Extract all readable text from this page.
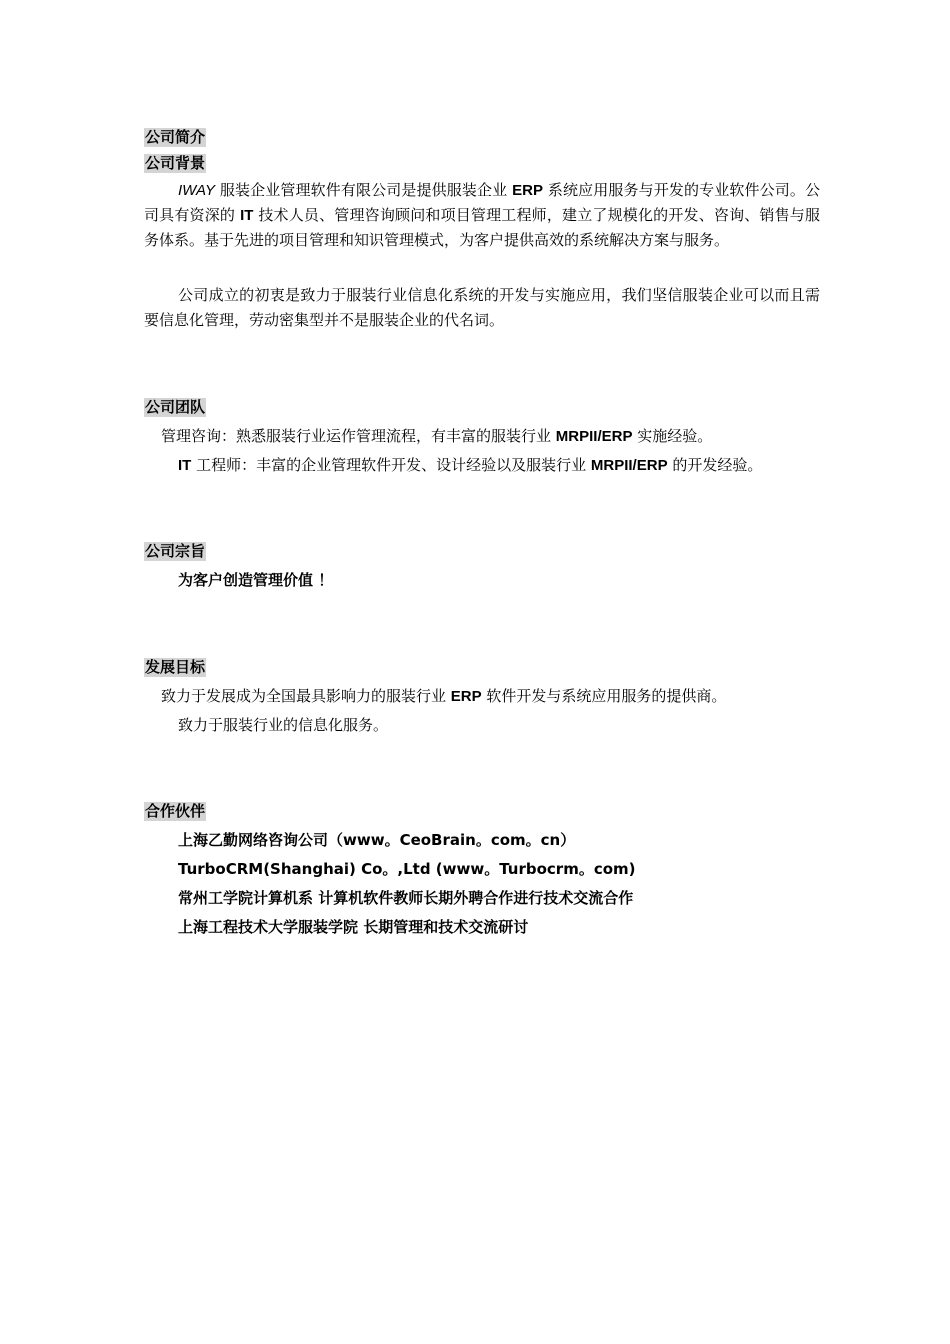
公司简介
公司背景

IWAY 服装企业管理软件有限公司是提供服装企业 ERP 系统应用服务与开发的专业软件公司。公司具有资深的 IT 技术人员、管理咨询顾问和项目管理工程师，建立了规模化的开发、咨询、销售与服务体系。基于先进的项目管理和知识管理模式，为客户提供高效的系统解决方案与服务。

公司成立的初衷是致力于服装行业信息化系统的开发与实施应用，我们坚信服装企业可以而且需要信息化管理，劳动密集型并不是服装企业的代名词。

公司团队

管理咨询：熟悉服装行业运作管理流程，有丰富的服装行业 MRPII/ERP 实施经验。

IT 工程师：丰富的企业管理软件开发、设计经验以及服装行业 MRPII/ERP 的开发经验。

公司宗旨

为客户创造管理价值 ！

发展目标

致力于发展成为全国最具影响力的服装行业 ERP 软件开发与系统应用服务的提供商。

致力于服装行业的信息化服务。

合作伙伴

上海乙勤网络咨询公司（www。CeoBrain。com。cn）

TurboCRM(Shanghai) Co。,Ltd (www。Turbocrm。com)

常州工学院计算机系 计算机软件教师长期外聘合作进行技术交流合作

上海工程技术大学服装学院 长期管理和技术交流研讨
